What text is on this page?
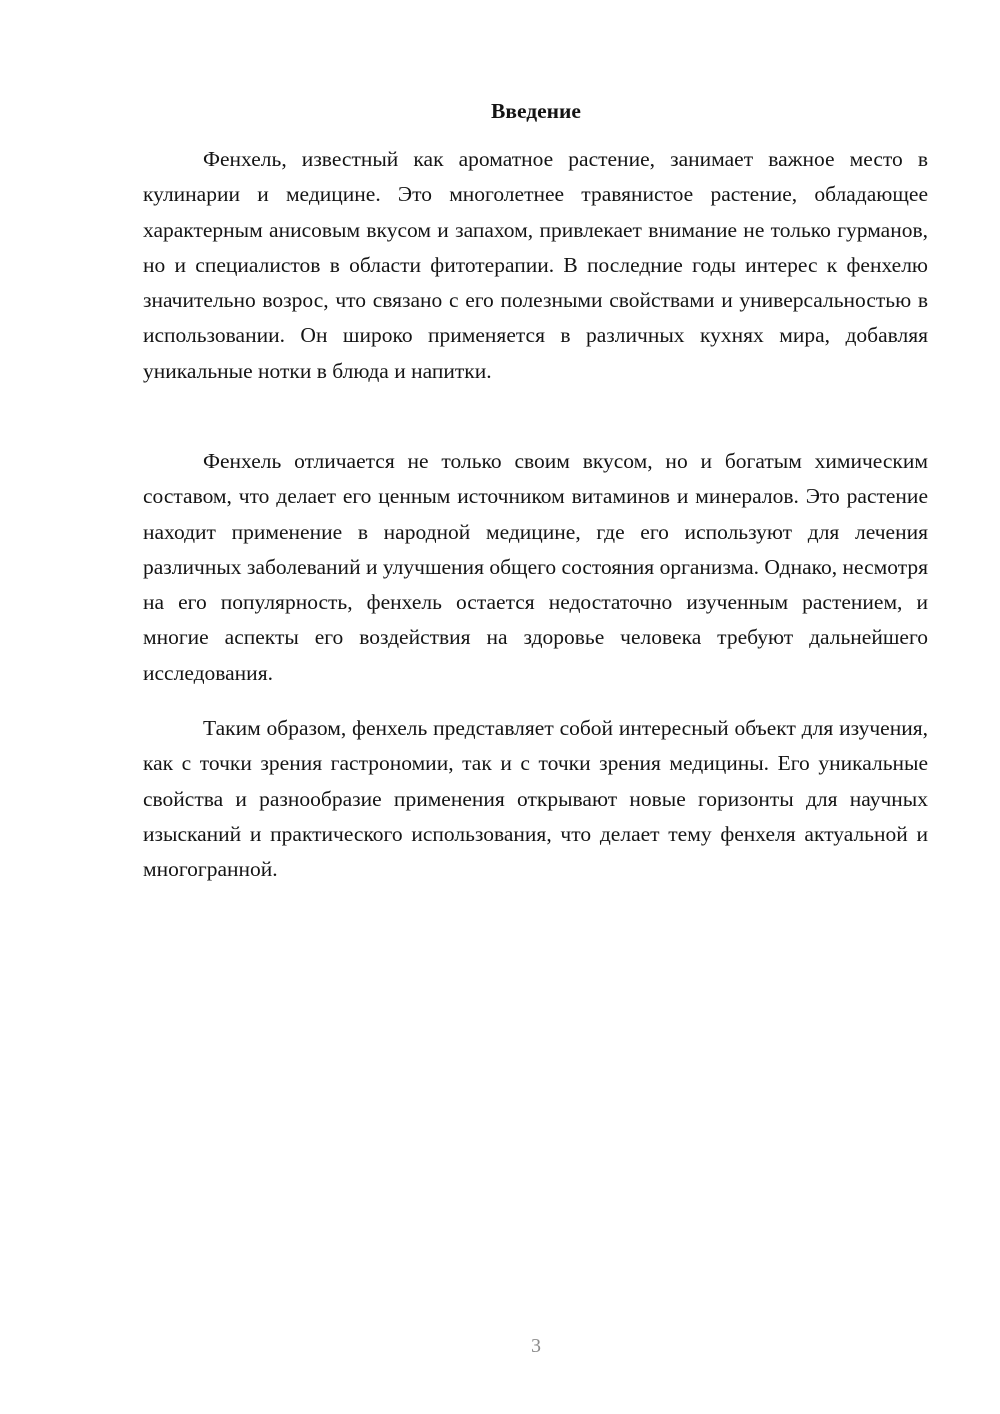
Введение

Фенхель, известный как ароматное растение, занимает важное место в кулинарии и медицине. Это многолетнее травянистое растение, обладающее характерным анисовым вкусом и запахом, привлекает внимание не только гурманов, но и специалистов в области фитотерапии. В последние годы интерес к фенхелю значительно возрос, что связано с его полезными свойствами и универсальностью в использовании. Он широко применяется в различных кухнях мира, добавляя уникальные нотки в блюда и напитки.

Фенхель отличается не только своим вкусом, но и богатым химическим составом, что делает его ценным источником витаминов и минералов. Это растение находит применение в народной медицине, где его используют для лечения различных заболеваний и улучшения общего состояния организма. Однако, несмотря на его популярность, фенхель остается недостаточно изученным растением, и многие аспекты его воздействия на здоровье человека требуют дальнейшего исследования.

Таким образом, фенхель представляет собой интересный объект для изучения, как с точки зрения гастрономии, так и с точки зрения медицины. Его уникальные свойства и разнообразие применения открывают новые горизонты для научных изысканий и практического использования, что делает тему фенхеля актуальной и многогранной.

3
